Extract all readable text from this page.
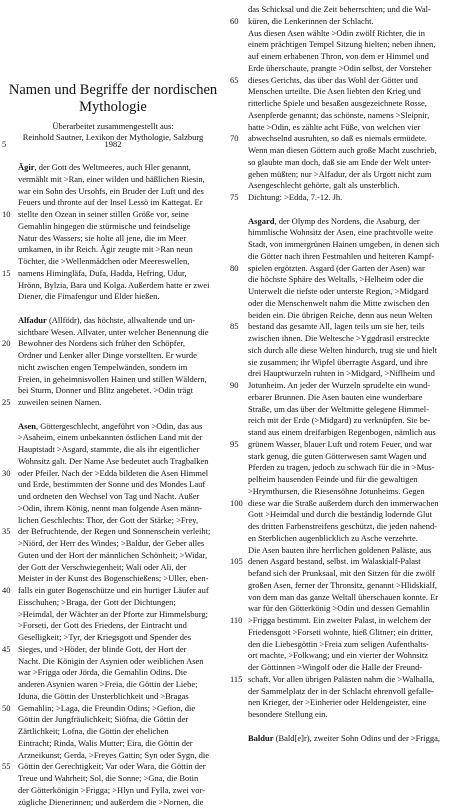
Namen und Begriffe der nordischen
Mythologie
Überarbeitet zusammengestellt aus:
Reinhold Sautner, Lexikon der Mythologie, Salzburg
5	1982
Ägir, der Gott des Weltmeeres, auch Hler genannt,
vermählt mit >Ran, einer wilden und häßlichen Riesin,
war ein Sohn des Ursohfs, ein Bruder der Luft und des
Feuers und thronte auf der Insel Lessö im Kattegat. Er
10 stellte den Ozean in seiner stillen Größe vor, seine
Gemahlin hingegen die stürmische und feindselige
Natur des Wassers; sie holte all jene, die im Meer
umkamen, in ihr Reich. Ägir zeugte mit >Ran neun
Töchter, die >Wellenmädchen oder Meereswellen,
15 namens Himingläfa, Dufa, Hadda, Hefring, Udur,
Hrönn, Bylzia, Bara und Kolga. Außerdem hatte er zwei
Diener, die Fimafengur und Elder hießen.
Alfadur (Allfödr), das höchste, allwaltende und un-
sichtbare Wesen. Allvater, unter welcher Benennung die
20 Bewohner des Nordens sich früher den Schöpfer,
Ordner und Lenker aller Dinge vorstellten. Er wurde
nicht zwischen engen Tempelwänden, sondern im
Freien, in geheimnisvollen Hainen und stillen Wäldern,
bei Sturm, Donner und Blitz angebetet. >Odin trägt
25 zuweilen seinen Namen.
Asen, Göttergeschlecht, angeführt von >Odin, das aus
>Asaheim, einem unbekannten östlichen Land mit der
Hauptstadt >Asgard, stammte, die als ihr eigentlicher
Wohnsitz galt. Der Name Ase bedeutet auch Tragbalken
30 oder Pfeiler. Nach der >Edda bildeten die Asen Himmel
und Erde, bestimmten der Sonne und des Mondes Lauf
und ordneten den Wechsel von Tag und Nacht. Außer
>Odin, ihrem König, nennt man folgende Asen männ-
lichen Geschlechts: Thor, der Gott der Stärke; >Frey,
35 der Befruchtende, der Regen und Sonnenschein verleiht;
>Niörd, der Herr des Windes; >Baldur, der Geber alles
Guten und der Hort der männlichen Schönheit; >Widar,
der Gott der Verschwiegenheit; Wali oder Ali, der
Meister in der Kunst des Bogenschießens; >Uller, eben-
40 falls ein guter Bogenschütze und ein hurtiger Läufer auf
Eisschuhen; >Braga, der Gott der Dichtungen;
>Heimdal, der Wächter an der Pforte zur Himmelsburg;
>Forseti, der Gott des Friedens, der Eintracht und
Geselligkeit; >Tyr, der Kriegsgott und Spender des
45 Sieges, und >Höder, der blinde Gott, der Hort der
Nacht. Die Königin der Asynien oder weiblichen Asen
war >Frigga oder Jörda, die Gemahlin Odins. Die
anderen Asynien waren >Freia, die Göttin der Liebe;
Iduna, die Göttin der Unsterblichkeit und >Bragas
50 Gemahlin; >Laga, die Freundin Odins; >Gefion, die
Göttin der Jungfräulichkeit; Siöfna, die Göttin der
Zärtlichkeit; Lofna, die Göttin der ehelichen
Eintracht; Rinda, Walis Mutter; Eira, die Göttin der
Arzneikunst; Gerda, >Freyes Gattin; Syn oder Sygn, die
55 Göttin der Gerechtigkeit; Var oder Wara, die Göttin der
Treue und Wahrheit; Sol, die Sonne; >Gna, die Botin
der Götterkönigin >Frigga; >Hlyn und Fylla, zwei vor-
zügliche Dienerinnen; und außerdem die >Nornen, die
das Schicksal und die Zeit beherrschten; und die Wal-
60	küren, die Lenkerinnen der Schlacht.
Aus diesen Asen wählte >Odin zwölf Richter, die in
einem prächtigen Tempel Sitzung hielten; neben ihnen,
auf einem erhabenen Thron, von dem er Himmel und
Erde überschaute, prangte >Odin selbst, der Vorsteher
65	dieses Gerichts, das über das Wohl der Götter und
Menschen urteilte. Die Asen liebten den Krieg und
ritterliche Spiele und besaßen ausgezeichnete Rosse,
Asenpferde genannt; das schönste, namens >Sleipnir,
hatte >Odin, es zählte acht Füße, von welchen vier
70	abwechselnd ausruhten, so daß es niemals ermüdete.
Wenn man diesen Göttern auch große Macht zuschrieb,
so glaubte man doch, daß sie am Ende der Welt unter-
gehen müßten; nur >Alfadur, der als Urgott nicht zum
Asengeschlecht gehörte, galt als unsterblich.
75	Dichtung: >Edda, 7.-12. Jh.
Asgard, der Olymp des Nordens, die Asaburg, der
himmlische Wohnsitz der Asen, eine prachtvolle weite
Stadt, von immergrünen Hainen umgeben, in denen sich
die Götter nach ihren Festmahlen und heiteren Kampf-
80	spielen ergötzten. Asgard (der Garten der Asen) war
die höchste Sphäre des Weltalls, >Helheim oder die
Unterwelt die tiefste oder unterste Region, >Midgard
oder die Menschenwelt nahm die Mitte zwischen den
beiden ein. Die übrigen Reiche, denn aus neun Welten
85	bestand das gesamte All, lagen teils um sie her, teils
zwischen ihnen. Die Weltesche >Yggdrasil erstreckte
sich durch alle diese Welten hindurch, trug sie und hielt
sie zusammen; ihr Wipfel überragte Asgard, und ihre
drei Hauptwurzeln ruhten in >Midgard, >Niflheim und
90	Jotunheim. An jeder der Wurzeln sprudelte ein wund-
erbarer Brunnen. Die Asen bauten eine wunderbare
Straße, um das über der Weltmitte gelegene Himmel-
reich mit der Erde (>Midgard) zu verknüpfen. Sie be-
stand aus einem dreifarbigen Regenbogen, nämlich aus
95	grünem Wasser, blauer Luft und rotem Feuer, und war
stark genug, die guten Götterwesen samt Wagen und
Pferden zu tragen, jedoch zu schwach für die in >Mus-
pelheim hausenden Feinde und für die gewaltigen
>Hrymthursen, die Riesensöhne Jotunheims. Gegen
100 diese war die Straße außerdem durch den immerwachen
Gott >Heimdal und durch die beständig lodernde Glut
des dritten Farbenstreifens geschützt, die jeden nahend-
en Sterblichen augenblicklich zu Asche verzehrte.
Die Asen bauten ihre herrlichen goldenen Paläste, aus
105 denen Asgard bestand, selbst. im Walaskialf-Palast
befand sich der Prunksaal, mit den Sitzen für die zwölf
großen Asen, ferner der Thronsitz, genannt >Hlidskialf,
von dem man das ganze Weltall überschauen konnte. Er
war für den Götterkönig >Odin und dessen Gemahlin
110 >Frigga bestimmt. Ein zweiter Palast, in welchem der
Friedensgott >Forseti wohnte, hieß Glitner; ein dritter,
den die Liebesgöttin >Freia zum seligen Aufenthalts-
ort machte, >Folkwang; und ein vierter der Wohnsitz
der Göttinnen >Wingolf oder die Halle der Freund-
115 schaft. Vor allen übrigen Palästen nahm die >Walhalla,
der Sammelplatz der in der Schlacht ehrenvoll gefalle-
nen Krieger, der >Einherier oder Heldengeister, eine
besondere Stellung ein.
Baldur (Bald[e]r), zweiter Sohn Odins und der >Frigga,
